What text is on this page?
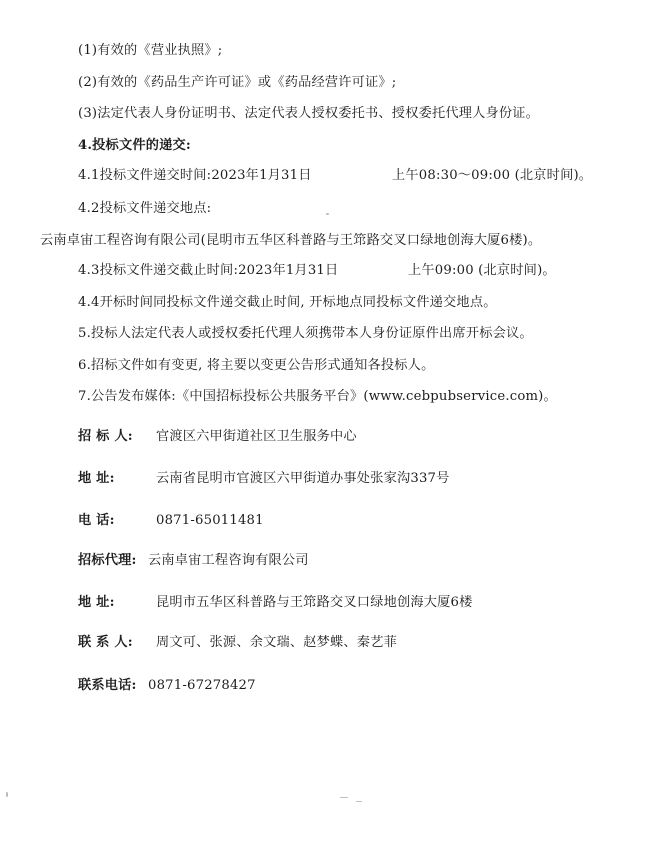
(1)有效的《营业执照》;
(2)有效的《药品生产许可证》或《药品经营许可证》;
(3)法定代表人身份证明书、法定代表人授权委托书、授权委托代理人身份证。
4.投标文件的递交:
4.1投标文件递交时间:2023年1月31日	上午08:30～09:00 (北京时间)。
4.2投标文件递交地点:
云南卓宙工程咨询有限公司(昆明市五华区科普路与王筇路交叉口绿地创海大厦6楼)。
4.3投标文件递交截止时间:2023年1月31日	上午09:00 (北京时间)。
4.4开标时间同投标文件递交截止时间, 开标地点同投标文件递交地点。
5.投标人法定代表人或授权委托代理人须携带本人身份证原件出席开标会议。
6.招标文件如有变更, 将主要以变更公告形式通知各投标人。
7.公告发布媒体:《中国招标投标公共服务平台》(www.cebpubservice.com)。
招 标 人: 官渡区六甲街道社区卫生服务中心
地 址:	云南省昆明市官渡区六甲街道办事处张家沟337号
电 话:	0871-65011481
招标代理: 云南卓宙工程咨询有限公司
地 址:	昆明市五华区科普路与王筇路交叉口绿地创海大厦6楼
联 系 人: 周文可、张源、余文瑞、赵梦蝶、秦艺菲
联系电话: 0871-67278427
